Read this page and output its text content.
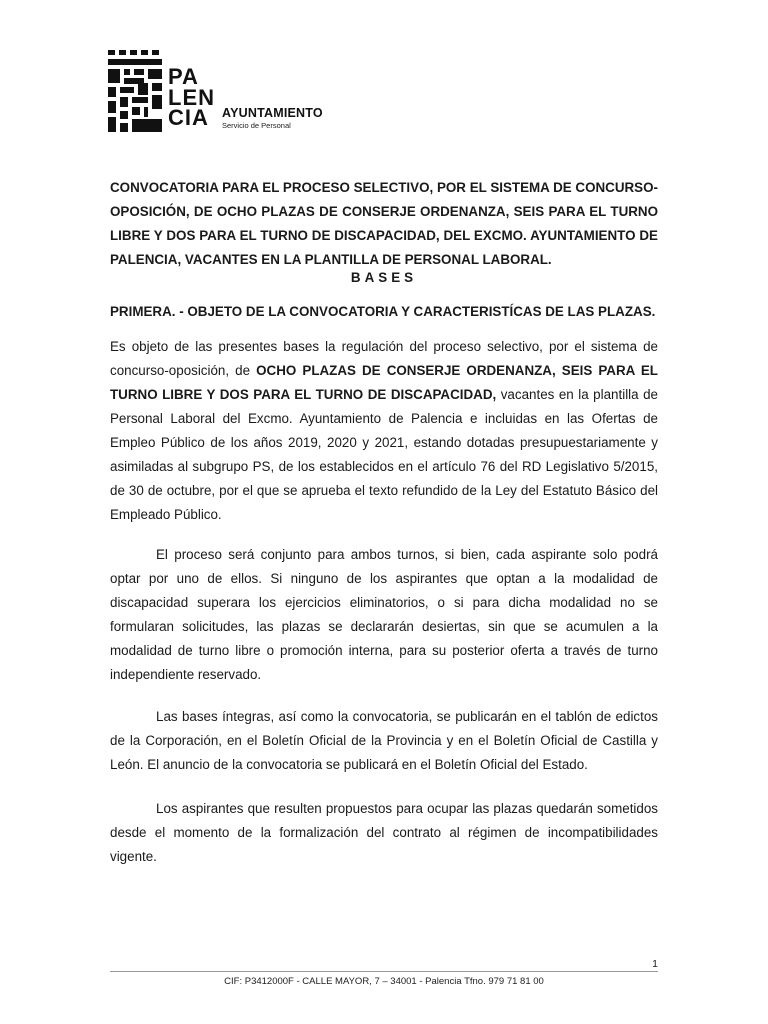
PA
LEN
CIA	AYUNTAMIENTO
Servicio de Personal
CONVOCATORIA PARA EL PROCESO SELECTIVO, POR EL SISTEMA DE CONCURSO-OPOSICIÓN, DE OCHO PLAZAS DE CONSERJE ORDENANZA, SEIS PARA EL TURNO LIBRE Y DOS PARA EL TURNO DE DISCAPACIDAD, DEL EXCMO. AYUNTAMIENTO DE PALENCIA, VACANTES EN LA PLANTILLA DE PERSONAL LABORAL.
BASES
PRIMERA. - OBJETO DE LA CONVOCATORIA Y CARACTERISTÍCAS DE LAS PLAZAS.
Es objeto de las presentes bases la regulación del proceso selectivo, por el sistema de concurso-oposición, de OCHO PLAZAS DE CONSERJE ORDENANZA, SEIS PARA EL TURNO LIBRE Y DOS PARA EL TURNO DE DISCAPACIDAD, vacantes en la plantilla de Personal Laboral del Excmo. Ayuntamiento de Palencia e incluidas en las Ofertas de Empleo Público de los años 2019, 2020 y 2021, estando dotadas presupuestariamente y asimiladas al subgrupo PS, de los establecidos en el artículo 76 del RD Legislativo 5/2015, de 30 de octubre, por el que se aprueba el texto refundido de la Ley del Estatuto Básico del Empleado Público.
El proceso será conjunto para ambos turnos, si bien, cada aspirante solo podrá optar por uno de ellos. Si ninguno de los aspirantes que optan a la modalidad de discapacidad superara los ejercicios eliminatorios, o si para dicha modalidad no se formularan solicitudes, las plazas se declararán desiertas, sin que se acumulen a la modalidad de turno libre o promoción interna, para su posterior oferta a través de turno independiente reservado.
Las bases íntegras, así como la convocatoria, se publicarán en el tablón de edictos de la Corporación, en el Boletín Oficial de la Provincia y en el Boletín Oficial de Castilla y León. El anuncio de la convocatoria se publicará en el Boletín Oficial del Estado.
Los aspirantes que resulten propuestos para ocupar las plazas quedarán sometidos desde el momento de la formalización del contrato al régimen de incompatibilidades vigente.
1
CIF: P3412000F - CALLE MAYOR, 7 – 34001 - Palencia Tfno. 979 71 81 00
